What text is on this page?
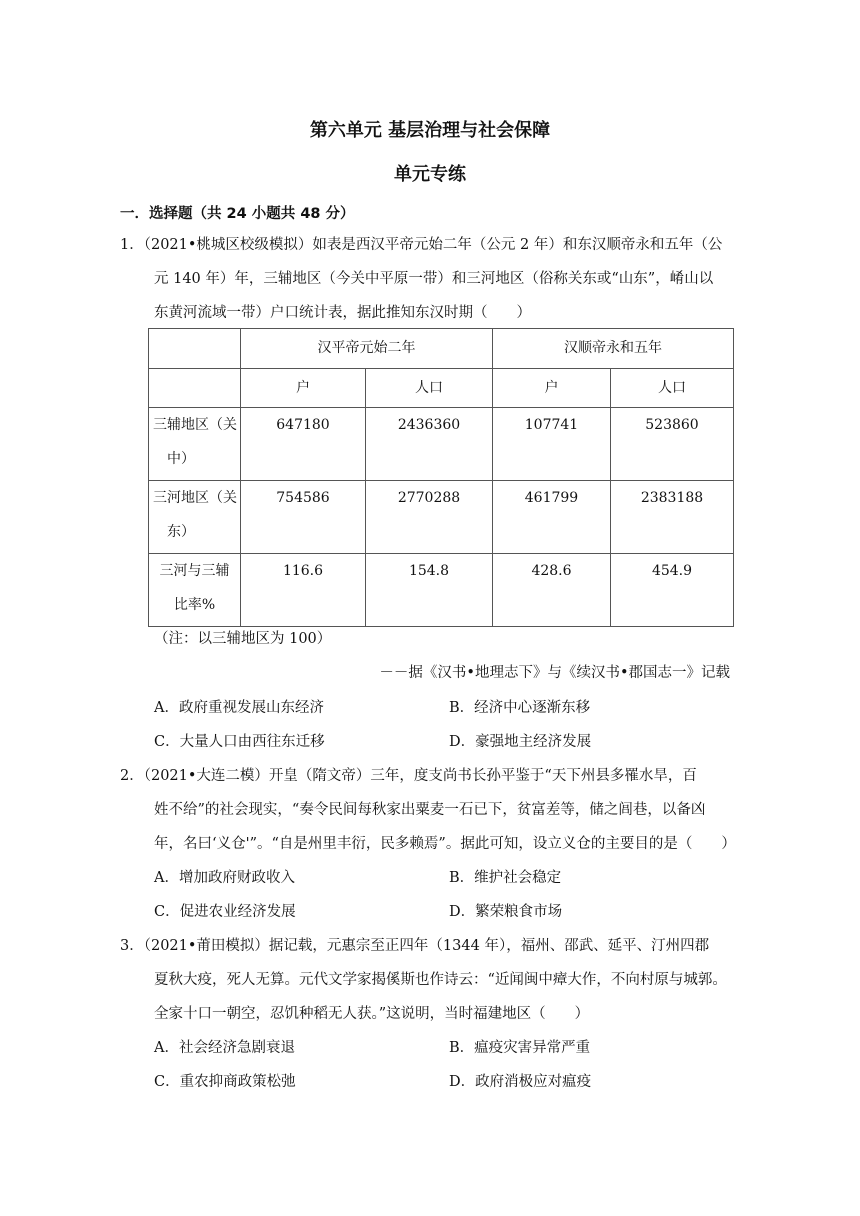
第六单元 基层治理与社会保障
单元专练
一．选择题（共 24 小题共 48 分）
1．（2021•桃城区校级模拟）如表是西汉平帝元始二年（公元 2 年）和东汉顺帝永和五年（公
元 140 年）年，三辅地区（今关中平原一带）和三河地区（俗称关东或“山东”，崤山以
东黄河流域一带）户口统计表，据此推知东汉时期（　　）
	汉平帝元始二年		汉顺帝永和五年	
	户	人口	户	人口

三辅地区（关
中）	647180	2436360	107741	523860

三河地区（关
东）	754586	2770288	461799	2383188

三河与三辅
比率%	116.6	154.8	428.6	454.9
（注：以三辅地区为 100）
－－据《汉书•地理志下》与《续汉书•郡国志一》记载
A．政府重视发展山东经济	B．经济中心逐渐东移
C．大量人口由西往东迁移	D．豪强地主经济发展
2．（2021•大连二模）开皇（隋文帝）三年，度支尚书长孙平鉴于“天下州县多罹水旱，百
姓不给”的社会现实，“奏令民间每秋家出粟麦一石已下，贫富差等，储之闾巷，以备凶
年，名曰‘义仓'”。“自是州里丰衍，民多赖焉”。据此可知，设立义仓的主要目的是（　　）
A．增加政府财政收入	B．维护社会稳定
C．促进农业经济发展	D．繁荣粮食市场
3．（2021•莆田模拟）据记载，元惠宗至正四年（1344 年），福州、邵武、延平、汀州四郡
夏秋大疫，死人无算。元代文学家揭傒斯也作诗云：“近闻闽中瘴大作，不向村原与城郭。
全家十口一朝空，忍饥种稻无人获。”这说明，当时福建地区（　　）
A．社会经济急剧衰退	B．瘟疫灾害异常严重
C．重农抑商政策松弛	D．政府消极应对瘟疫
